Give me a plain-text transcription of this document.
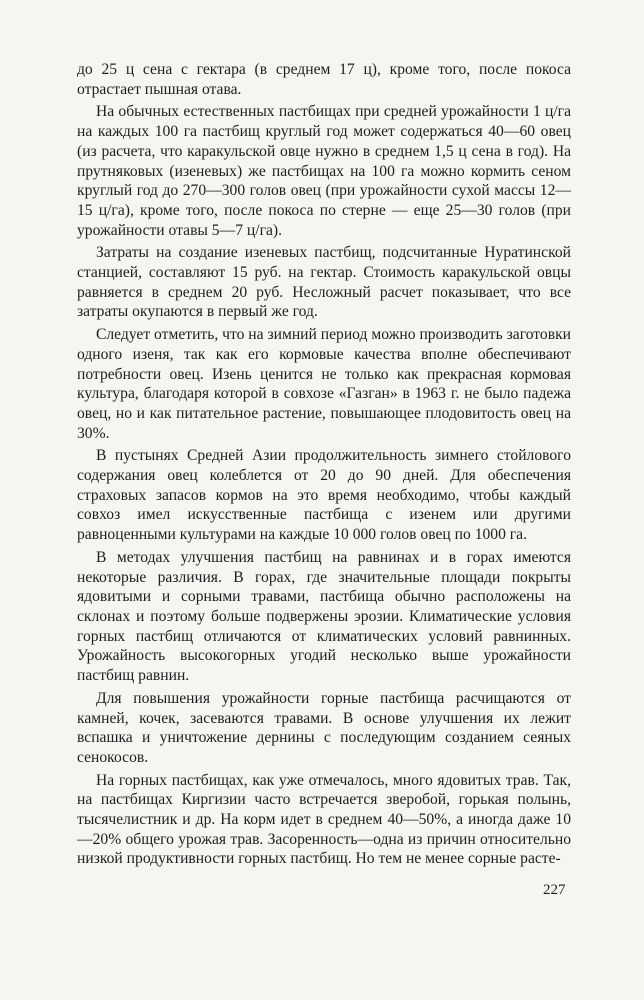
до 25 ц сена с гектара (в среднем 17 ц), кроме того, после покоса отрастает пышная отава.

На обычных естественных пастбищах при средней урожайности 1 ц/га на каждых 100 га пастбищ круглый год может содержаться 40—60 овец (из расчета, что каракульской овце нужно в среднем 1,5 ц сена в год). На прутняковых (изеневых) же пастбищах на 100 га можно кормить сеном круглый год до 270—300 голов овец (при урожайности сухой массы 12—15 ц/га), кроме того, после покоса по стерне — еще 25—30 голов (при урожайности отавы 5—7 ц/га).

Затраты на создание изеневых пастбищ, подсчитанные Нуратинской станцией, составляют 15 руб. на гектар. Стоимость каракульской овцы равняется в среднем 20 руб. Несложный расчет показывает, что все затраты окупаются в первый же год.

Следует отметить, что на зимний период можно производить заготовки одного изеня, так как его кормовые качества вполне обеспечивают потребности овец. Изень ценится не только как прекрасная кормовая культура, благодаря которой в совхозе «Газган» в 1963 г. не было падежа овец, но и как питательное растение, повышающее плодовитость овец на 30%.

В пустынях Средней Азии продолжительность зимнего стойлового содержания овец колеблется от 20 до 90 дней. Для обеспечения страховых запасов кормов на это время необходимо, чтобы каждый совхоз имел искусственные пастбища с изенем или другими равноценными культурами на каждые 10 000 голов овец по 1000 га.

В методах улучшения пастбищ на равнинах и в горах имеются некоторые различия. В горах, где значительные площади покрыты ядовитыми и сорными травами, пастбища обычно расположены на склонах и поэтому больше подвержены эрозии. Климатические условия горных пастбищ отличаются от климатических условий равнинных. Урожайность высокогорных угодий несколько выше урожайности пастбищ равнин.

Для повышения урожайности горные пастбища расчищаются от камней, кочек, засеваются травами. В основе улучшения их лежит вспашка и уничтожение дернины с последующим созданием сеяных сенокосов.

На горных пастбищах, как уже отмечалось, много ядовитых трав. Так, на пастбищах Киргизии часто встречается зверобой, горькая полынь, тысячелистник и др. На корм идет в среднем 40—50%, а иногда даже 10—20% общего урожая трав. Засоренность—одна из причин относительно низкой продуктивности горных пастбищ. Но тем не менее сорные расте-

227
